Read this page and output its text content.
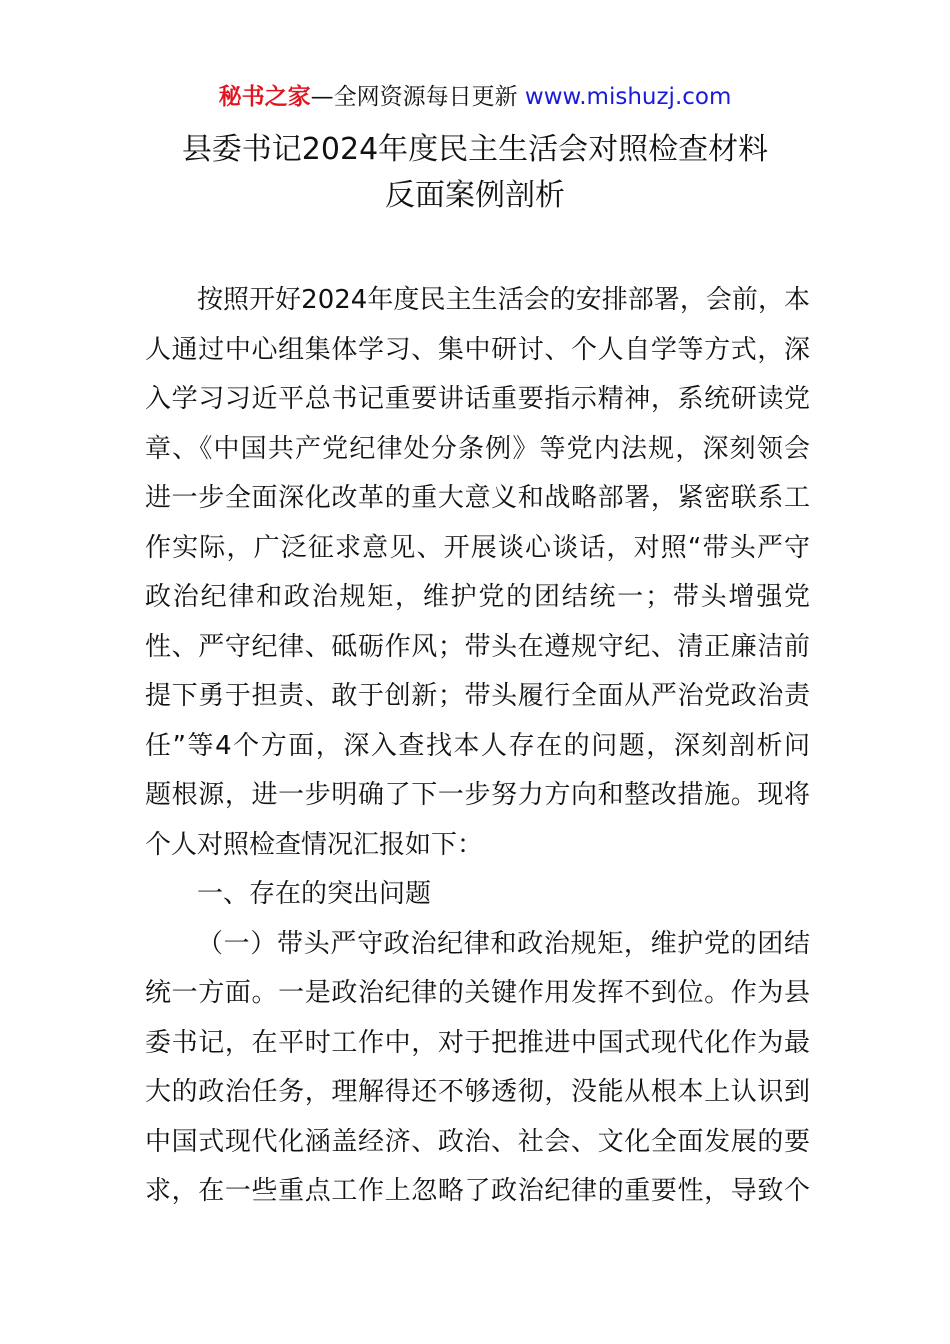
秘书之家—全网资源每日更新 www.mishuzj.com
县委书记2024年度民主生活会对照检查材料
反面案例剖析
按照开好2024年度民主生活会的安排部署，会前，本
人通过中心组集体学习、集中研讨、个人自学等方式，深
入学习习近平总书记重要讲话重要指示精神，系统研读党
章、《中国共产党纪律处分条例》等党内法规，深刻领会
进一步全面深化改革的重大意义和战略部署，紧密联系工
作实际，广泛征求意见、开展谈心谈话，对照“带头严守
政治纪律和政治规矩，维护党的团结统一；带头增强党
性、严守纪律、砥砺作风；带头在遵规守纪、清正廉洁前
提下勇于担责、敢于创新；带头履行全面从严治党政治责
任”等4个方面，深入查找本人存在的问题，深刻剖析问
题根源，进一步明确了下一步努力方向和整改措施。现将
个人对照检查情况汇报如下：
一、存在的突出问题
（一）带头严守政治纪律和政治规矩，维护党的团结
统一方面。一是政治纪律的关键作用发挥不到位。作为县
委书记，在平时工作中，对于把推进中国式现代化作为最
大的政治任务，理解得还不够透彻，没能从根本上认识到
中国式现代化涵盖经济、政治、社会、文化全面发展的要
求，在一些重点工作上忽略了政治纪律的重要性，导致个
